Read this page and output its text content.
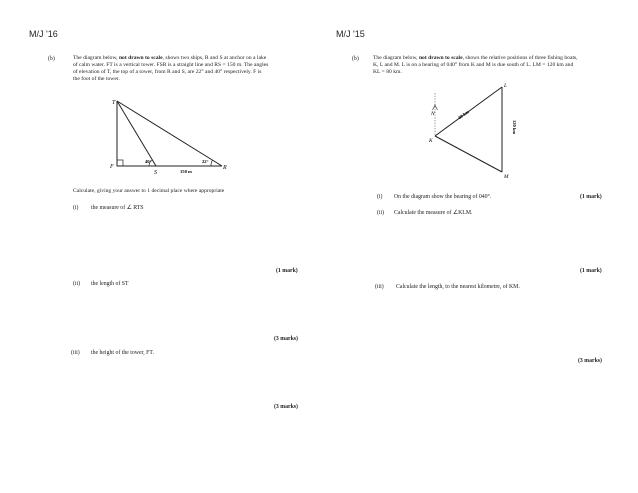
M/J '16
(b)	The diagram below, not drawn to scale, shows two ships, R and S at anchor on a lake
of calm water. FT is a vertical tower. FSR is a straight line and RS = 150 m. The angles
of elevation of T, the top of a tower, from R and S, are 22° and 40° respectively. F is
the foot of the tower.
T
F
S
R
40°	22°
150 m
Calculate, giving your answer to 1 decimal place where appropriate
(i) the measure of ∠ RTS
(1 mark)
(ii) the length of ST
(3 marks)
(iii) the height of the tower, FT.
(3 marks)
M/J '15
(b)	The diagram below, not drawn to scale, shows the relative positions of three fishing boats,
K, L and M. L is on a bearing of 040° from K and M is due south of L. LM = 120 km and
KL = 80 km.
N
K
L
M
80 km
120 km
(i) On the diagram show the bearing of 040°.	(1 mark)
(ii) Calculate the measure of ∠KLM.
(1 mark)
(iii) Calculate the length, to the nearest kilometre, of KM.
(3 marks)
